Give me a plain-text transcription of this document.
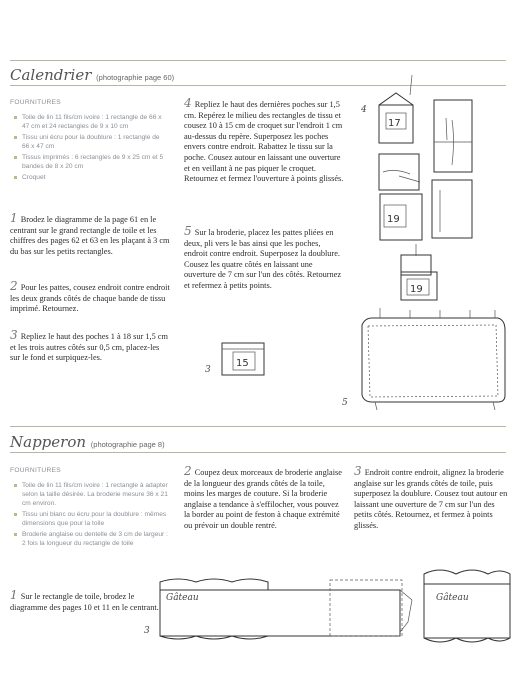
Calendrier (photographie page 60)
FOURNITURES
Toile de lin 11 fils/cm ivoire : 1 rectangle de 66 x 47 cm et 24 rectangles de 9 x 10 cm
Tissu uni écru pour la doublure : 1 rectangle de 66 x 47 cm
Tissus imprimés : 6 rectangles de 9 x 25 cm et 5 bandes de 8 x 20 cm
Croquet
1 Brodez le diagramme de la page 61 en le centrant sur le grand rectangle de toile et les chiffres des pages 62 et 63 en les plaçant à 3 cm du bas sur les petits rectangles.
2 Pour les pattes, cousez endroit contre endroit les deux grands côtés de chaque bande de tissu imprimé. Retournez.
3 Repliez le haut des poches 1 à 18 sur 1,5 cm et les trois autres côtés sur 0,5 cm, placez-les sur le fond et surpiquez-les.
4 Repliez le haut des dernières poches sur 1,5 cm. Repérez le milieu des rectangles de tissu et cousez 10 à 15 cm de croquet sur l'endroit 1 cm au-dessus du repère. Superposez les poches envers contre endroit. Rabattez le tissu sur la poche. Cousez autour en laissant une ouverture et en veillant à ne pas piquer le croquet. Retournez et fermez l'ouverture à points glissés.
5 Sur la broderie, placez les pattes pliées en deux, pli vers le bas ainsi que les poches, endroit contre endroit. Superposez la doublure. Cousez les quatre côtés en laissant une ouverture de 7 cm sur l'un des côtés. Retournez et refermez à petits points.
4
17
19
19
3
15
5
Napperon (photographie page 8)
FOURNITURES
Toile de lin 11 fils/cm ivoire : 1 rectangle à adapter selon la taille désirée. La broderie mesure 36 x 21 cm environ.
Tissu uni blanc ou écru pour la doublure : mêmes dimensions que pour la toile
Broderie anglaise ou dentelle de 3 cm de largeur : 2 fois la longueur du rectangle de toile
1 Sur le rectangle de toile, brodez le diagramme des pages 10 et 11 en le centrant.
2 Coupez deux morceaux de broderie anglaise de la longueur des grands côtés de la toile, moins les marges de couture. Si la broderie anglaise a tendance à s'effilocher, vous pouvez la border au point de feston à chaque extrémité ou prévoir un double rentré.
3 Endroit contre endroit, alignez la broderie anglaise sur les grands côtés de toile, puis superposez la doublure. Cousez tout autour en laissant une ouverture de 7 cm sur l'un des petits côtés. Retournez, et fermez à points glissés.
3
Gâteau	Gâteau
